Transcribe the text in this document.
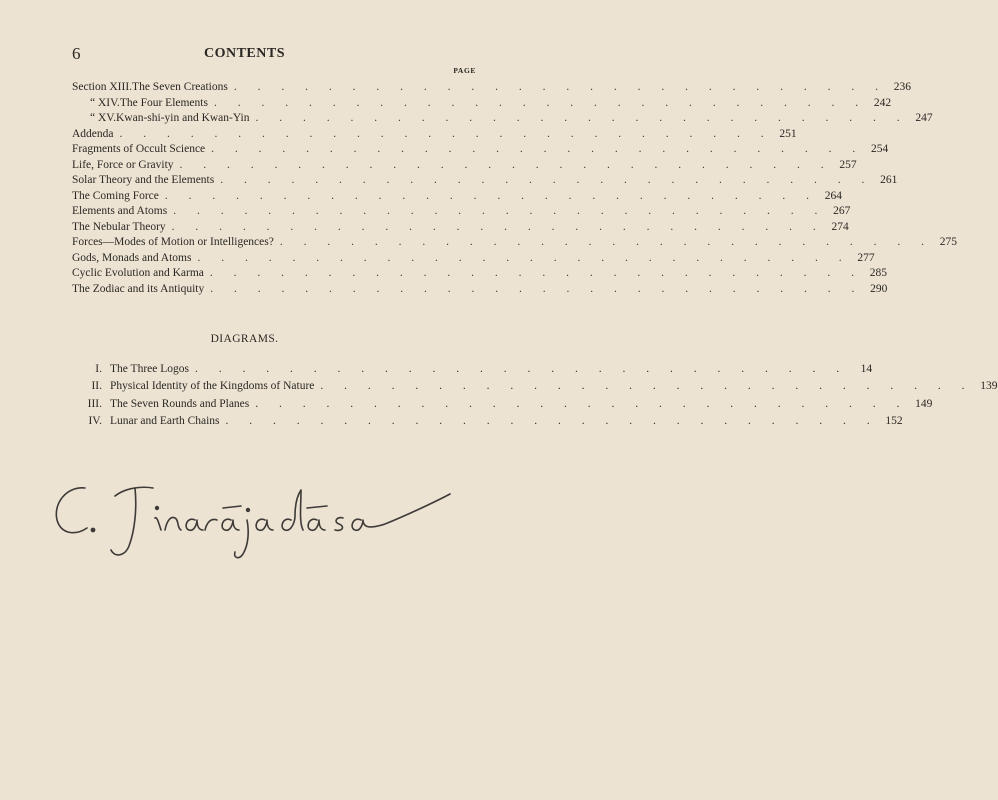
6	CONTENTS
PAGE
Section XIII. The Seven Creations . . . . . . . . . . . . . . . . . . . . . . . . . . . . 236
“ XIV. The Four Elements . . . . . . . . . . . . . . . . . . . . . . . . . . . . 242
“ XV. Kwan-shi-yin and Kwan-Yin . . . . . . . . . . . . . . . . . . . . . . . . . . . . 247
Addenda . . . . . . . . . . . . . . . . . . . . . . . . . . . . 251
Fragments of Occult Science . . . . . . . . . . . . . . . . . . . . . . . . . . . . 254
Life, Force or Gravity . . . . . . . . . . . . . . . . . . . . . . . . . . . . 257
Solar Theory and the Elements . . . . . . . . . . . . . . . . . . . . . . . . . . . . 261
The Coming Force . . . . . . . . . . . . . . . . . . . . . . . . . . . . 264
Elements and Atoms . . . . . . . . . . . . . . . . . . . . . . . . . . . . 267
The Nebular Theory . . . . . . . . . . . . . . . . . . . . . . . . . . . . 274
Forces—Modes of Motion or Intelligences? . . . . . . . . . . . . . . . . . . . . . . . . . . . . 275
Gods, Monads and Atoms . . . . . . . . . . . . . . . . . . . . . . . . . . . . 277
Cyclic Evolution and Karma . . . . . . . . . . . . . . . . . . . . . . . . . . . . 285
The Zodiac and its Antiquity . . . . . . . . . . . . . . . . . . . . . . . . . . . . 290
DIAGRAMS.
I. The Three Logos . . . . . . . . . . . . . . . . . . . . . . . . . . . .	14
II. Physical Identity of the Kingdoms of Nature . . . . . . . . . . . . . . . . . . . . . . . . . . . . 139
III. The Seven Rounds and Planes . . . . . . . . . . . . . . . . . . . . . . . . . . . . 149
IV. Lunar and Earth Chains . . . . . . . . . . . . . . . . . . . . . . . . . . . . 152
